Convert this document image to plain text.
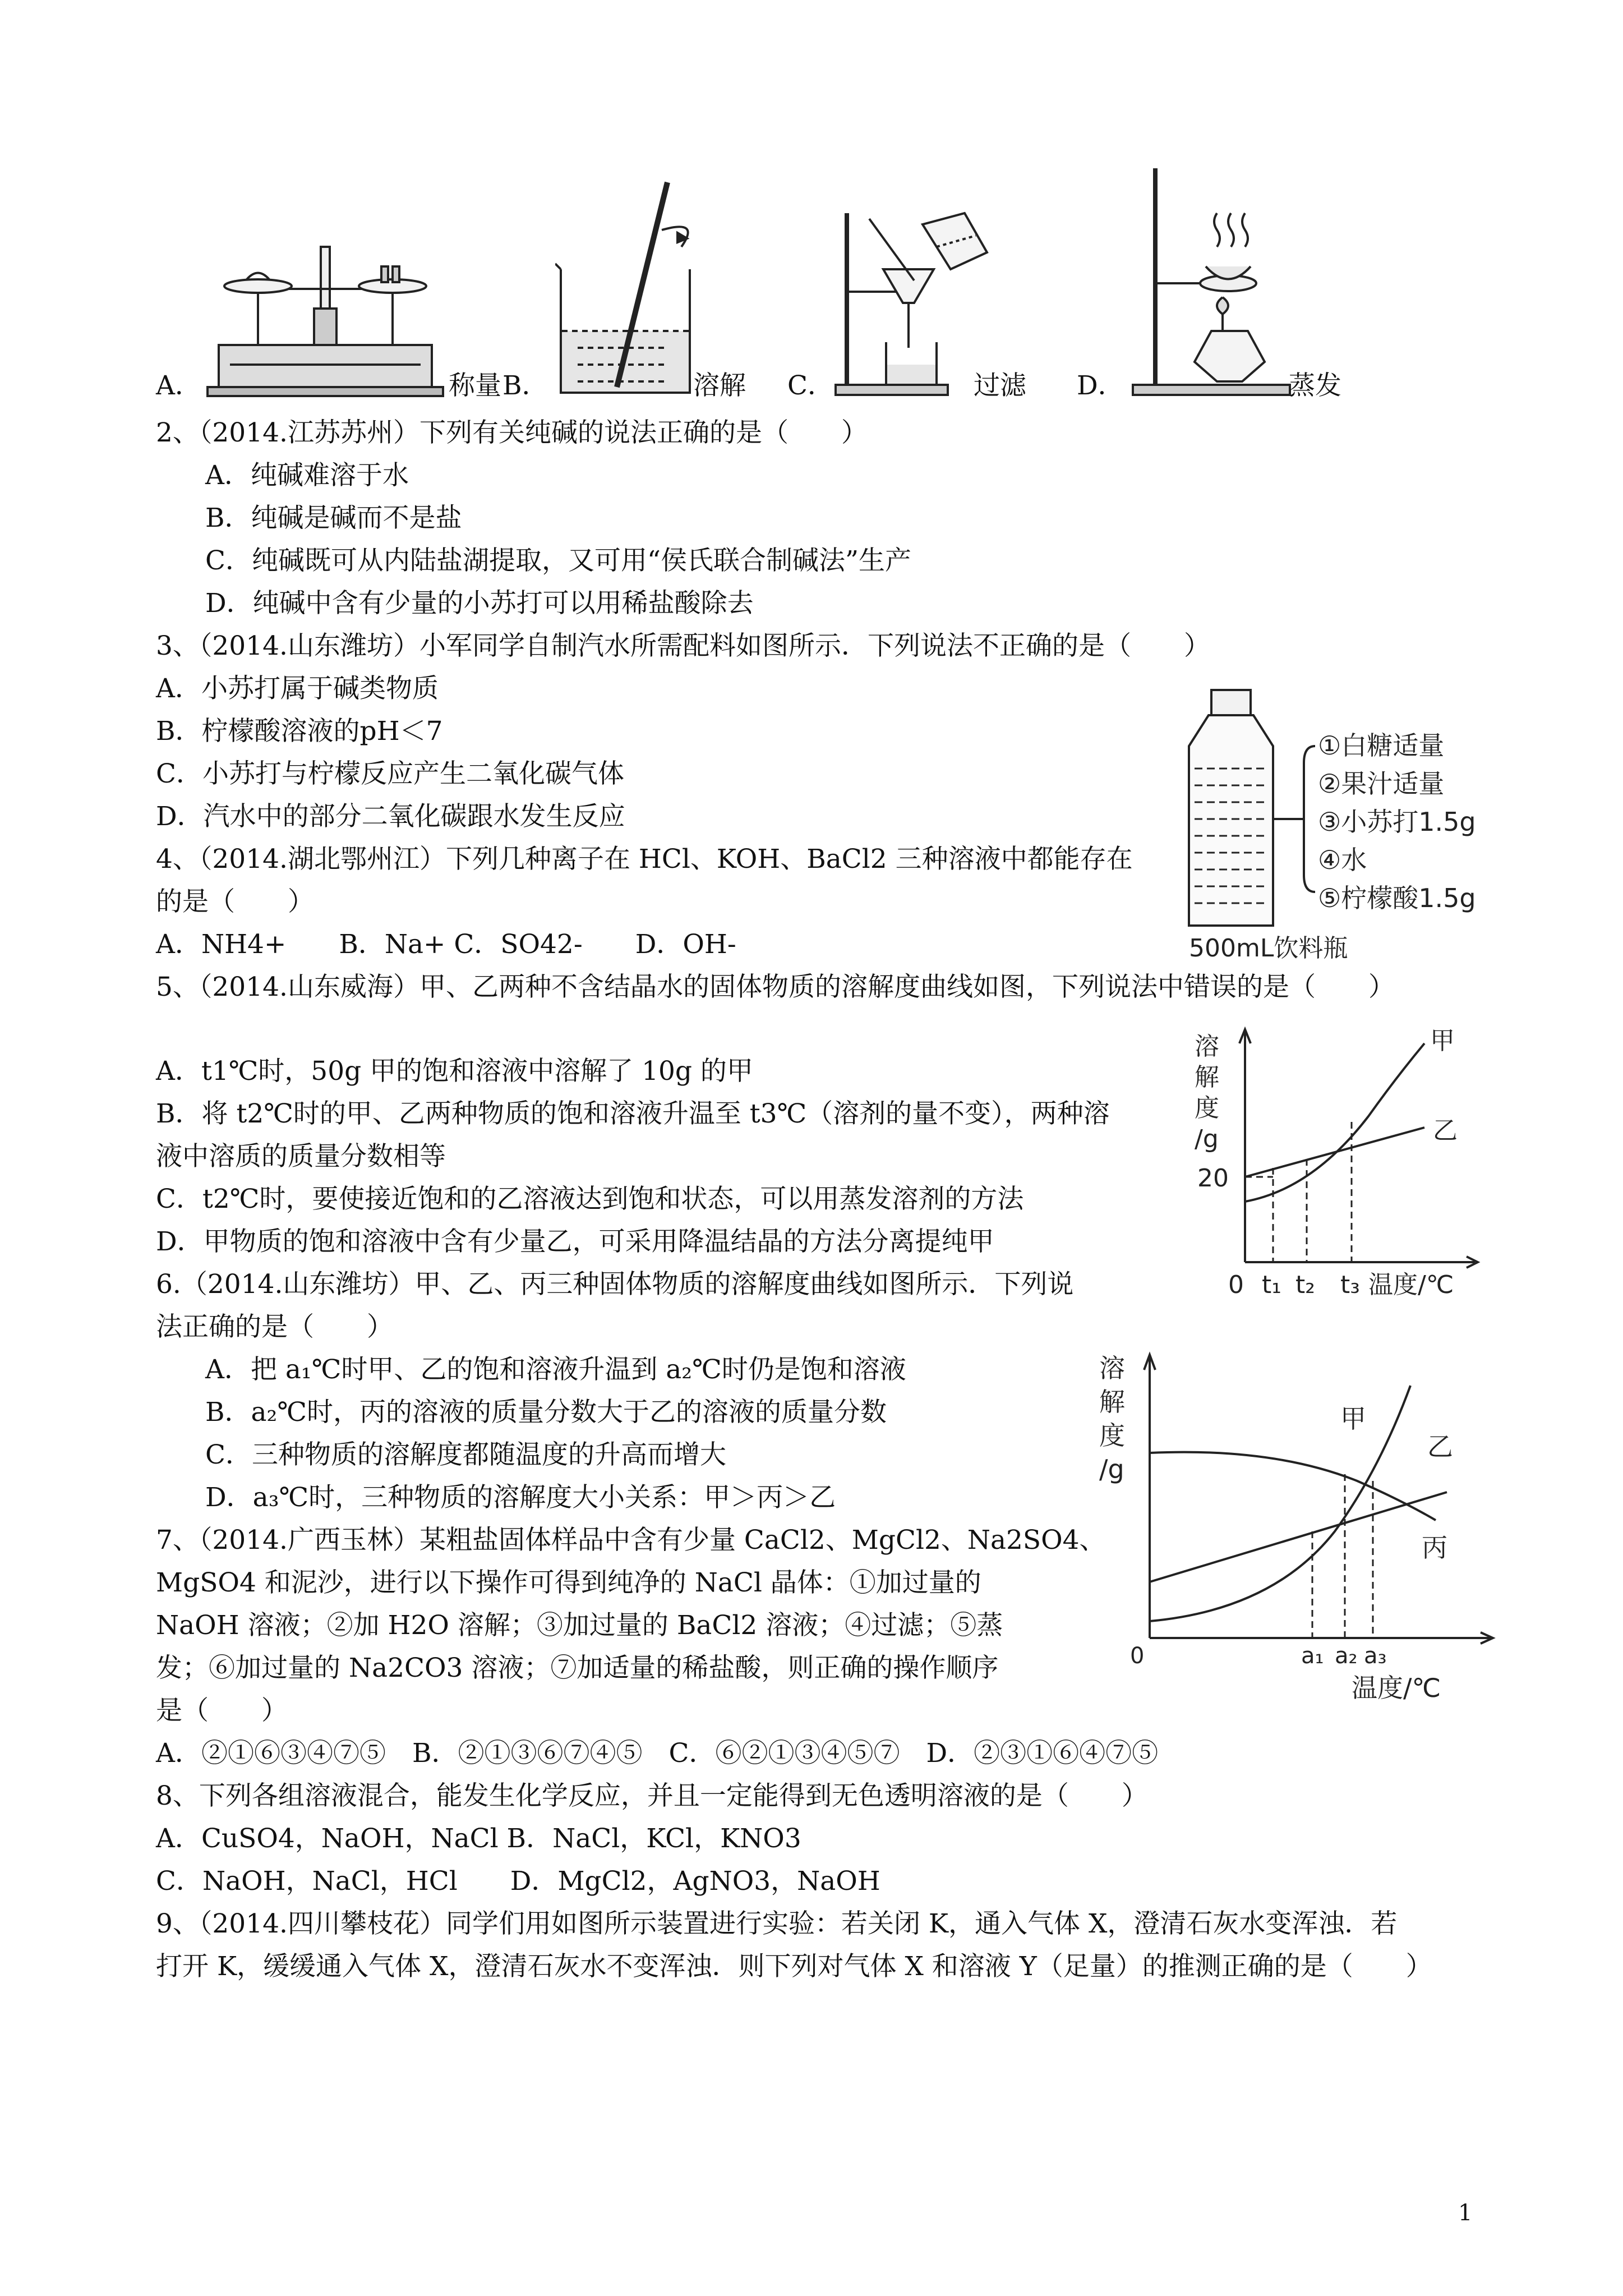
A．	称量 B．	溶解 C．	过滤 D．	蒸发
2、（2014.江苏苏州）下列有关纯碱的说法正确的是（　　）
A．纯碱难溶于水
B．纯碱是碱而不是盐
C．纯碱既可从内陆盐湖提取，又可用“侯氏联合制碱法”生产
D．纯碱中含有少量的小苏打可以用稀盐酸除去
3、（2014.山东潍坊）小军同学自制汽水所需配料如图所示．下列说法不正确的是（　　）
A．小苏打属于碱类物质
B．柠檬酸溶液的pH＜7
C．小苏打与柠檬反应产生二氧化碳气体
D．汽水中的部分二氧化碳跟水发生反应
①白糖适量
②果汁适量
③小苏打1.5g
④水
⑤柠檬酸1.5g
500mL饮料瓶
4、（2014.湖北鄂州江）下列几种离子在 HCl、KOH、BaCl2 三种溶液中都能存在
的是（　　）
A．NH4+　　B．Na+ C．SO42-　　D．OH-
5、（2014.山东威海）甲、乙两种不含结晶水的固体物质的溶解度曲线如图，下列说法中错误的是（　　）
A．t1℃时，50g 甲的饱和溶液中溶解了 10g 的甲
B．将 t2℃时的甲、乙两种物质的饱和溶液升温至 t3℃（溶剂的量不变），两种溶
液中溶质的质量分数相等
C．t2℃时，要使接近饱和的乙溶液达到饱和状态，可以用蒸发溶剂的方法
D．甲物质的饱和溶液中含有少量乙，可采用降温结晶的方法分离提纯甲
溶
解
度
/g
20
0 t₁ t₂ t₃ 温度/℃
甲
乙
6.（2014.山东潍坊）甲、乙、丙三种固体物质的溶解度曲线如图所示．下列说
法正确的是（　　）
A．把 a₁℃时甲、乙的饱和溶液升温到 a₂℃时仍是饱和溶液
B．a₂℃时，丙的溶液的质量分数大于乙的溶液的质量分数
C．三种物质的溶解度都随温度的升高而增大
D．a₃℃时，三种物质的溶解度大小关系：甲＞丙＞乙
溶
解
度
/g
0	a₁ a₂ a₃
温度/℃
甲
乙
丙
7、（2014.广西玉林）某粗盐固体样品中含有少量 CaCl2、MgCl2、Na2SO4、
MgSO4 和泥沙，进行以下操作可得到纯净的 NaCl 晶体：①加过量的
NaOH 溶液；②加 H2O 溶解；③加过量的 BaCl2 溶液；④过滤；⑤蒸
发；⑥加过量的 Na2CO3 溶液；⑦加适量的稀盐酸，则正确的操作顺序
是（　　）
A．②①⑥③④⑦⑤　B．②①③⑥⑦④⑤　C．⑥②①③④⑤⑦　D．②③①⑥④⑦⑤
8、下列各组溶液混合，能发生化学反应，并且一定能得到无色透明溶液的是（　　）
A．CuSO4，NaOH，NaCl B．NaCl，KCl，KNO3
C．NaOH，NaCl，HCl　　D．MgCl2，AgNO3，NaOH
9、（2014.四川攀枝花）同学们用如图所示装置进行实验：若关闭 K，通入气体 X，澄清石灰水变浑浊．若
打开 K，缓缓通入气体 X，澄清石灰水不变浑浊．则下列对气体 X 和溶液 Y（足量）的推测正确的是（　　）
1
